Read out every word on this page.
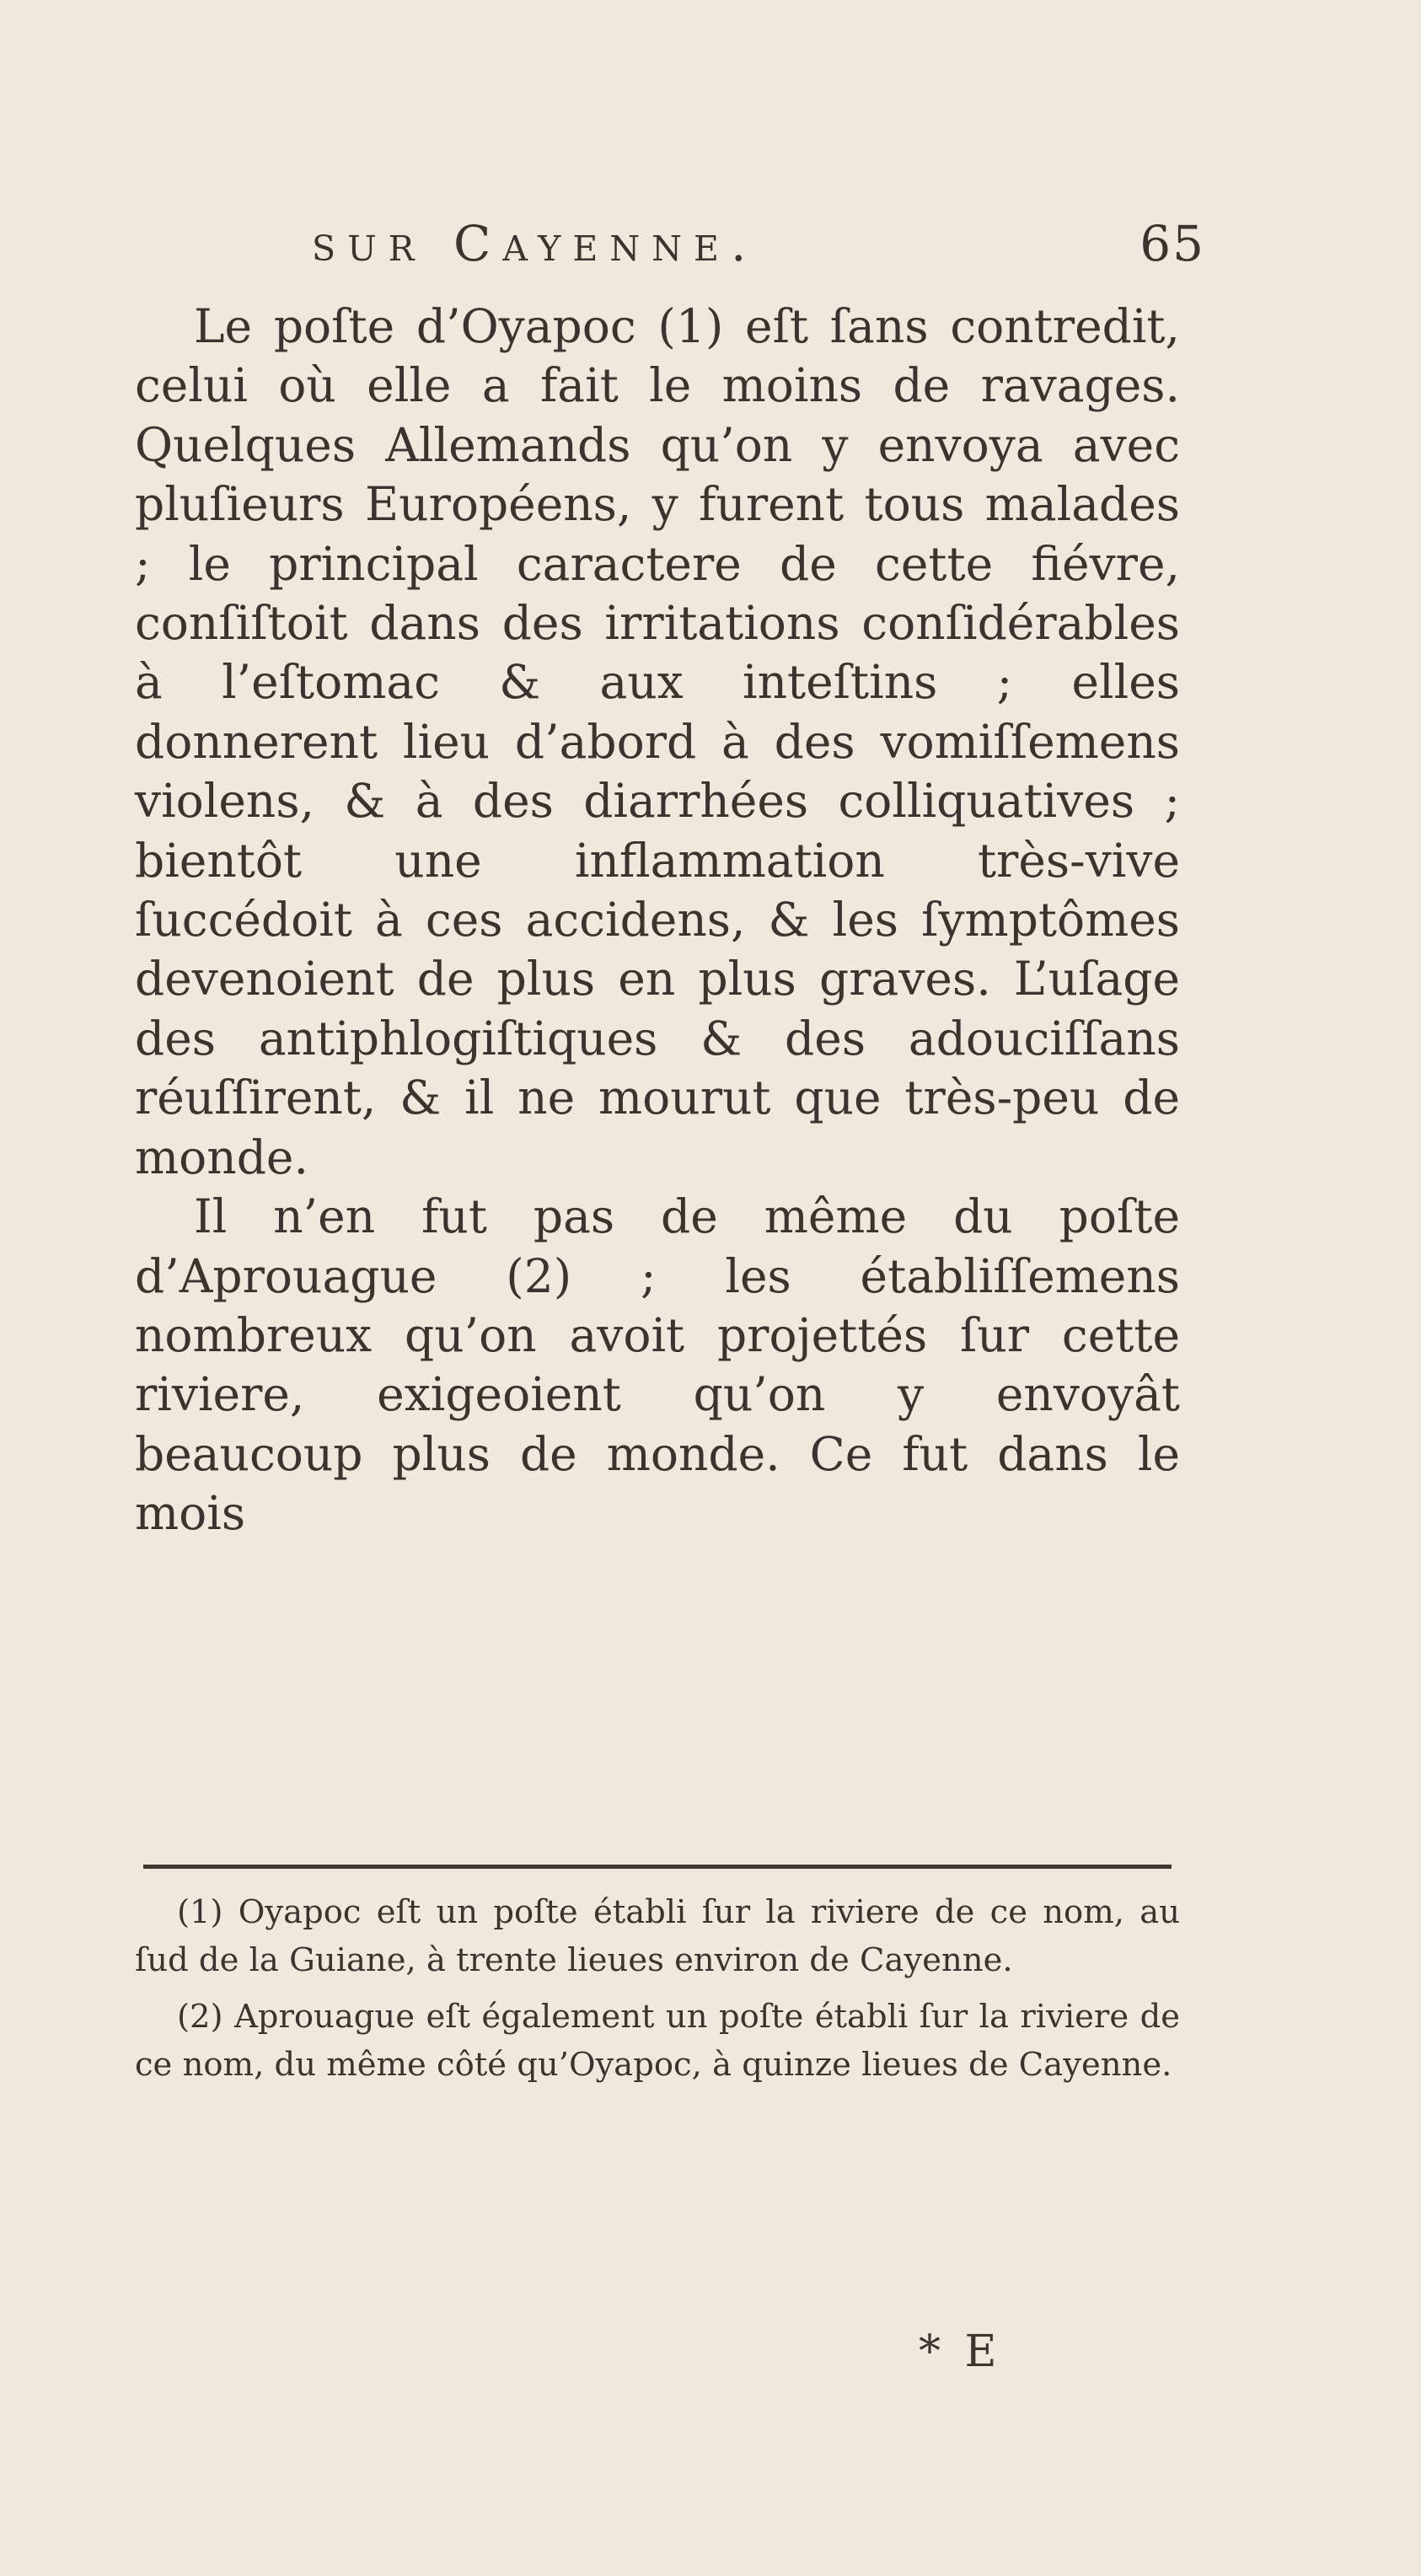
sur Cayenne.	65

Le poſte d’Oyapoc (1) eſt ſans contredit, celui où elle a fait le moins de ravages. Quelques Allemands qu’on y envoya avec pluſieurs Européens, y furent tous malades ; le principal caractere de cette fiévre, conſiſtoit dans des irritations conſidérables à l’eſtomac & aux inteſtins ; elles donnerent lieu d’abord à des vomiſſemens violens, & à des diarrhées colliquatives ; bientôt une inflammation très-vive ſuccédoit à ces accidens, & les ſymptômes devenoient de plus en plus graves. L’uſage des antiphlogiſtiques & des adouciſſans réuſſirent, & il ne mourut que très-peu de monde.

Il n’en fut pas de même du poſte d’Aprouague (2) ; les établiſſemens nombreux qu’on avoit projettés ſur cette riviere, exigeoient qu’on y envoyât beaucoup plus de monde. Ce fut dans le mois

(1) Oyapoc eſt un poſte établi ſur la riviere de ce nom, au ſud de la Guiane, à trente lieues environ de Cayenne.

(2) Aprouague eſt également un poſte établi ſur la riviere de ce nom, du même côté qu’Oyapoc, à quinze lieues de Cayenne.

* E
